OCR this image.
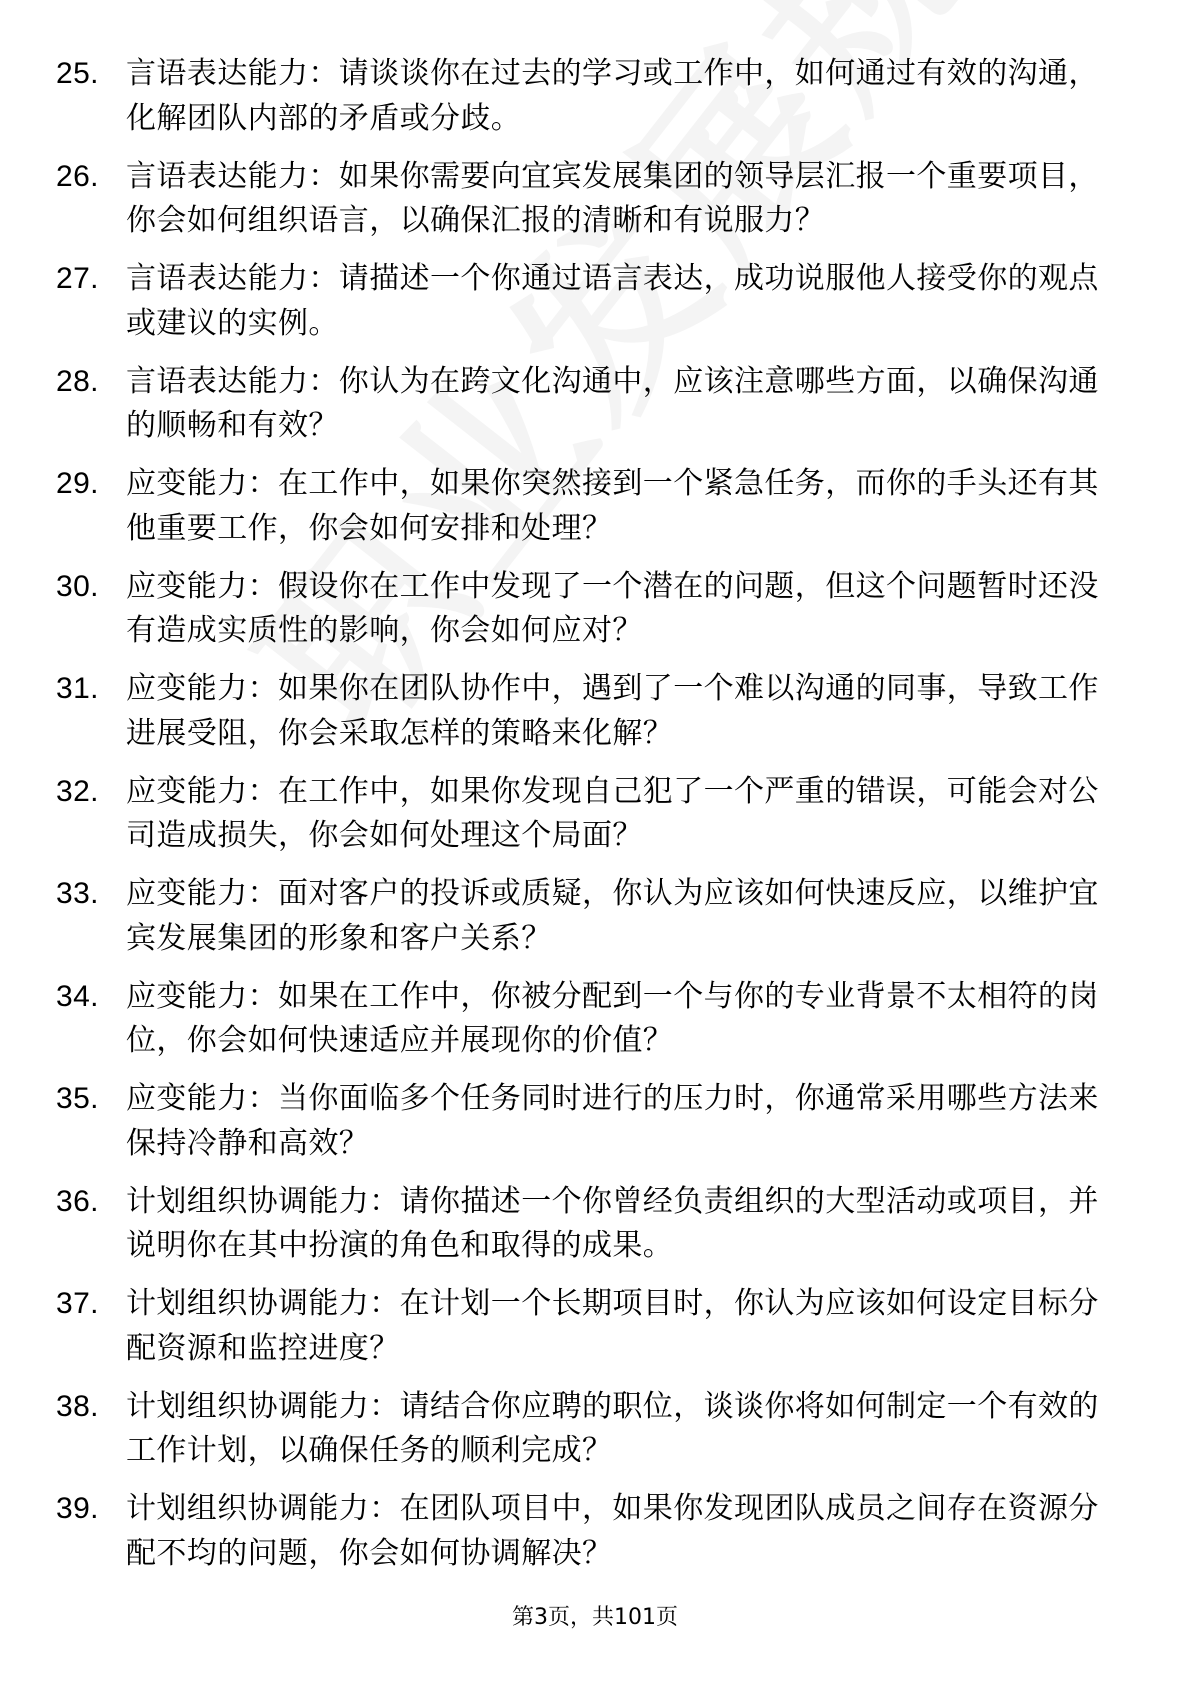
25. 言语表达能力：请谈谈你在过去的学习或工作中，如何通过有效的沟通，化解团队内部的矛盾或分歧。
26. 言语表达能力：如果你需要向宜宾发展集团的领导层汇报一个重要项目，你会如何组织语言，以确保汇报的清晰和有说服力？
27. 言语表达能力：请描述一个你通过语言表达，成功说服他人接受你的观点或建议的实例。
28. 言语表达能力：你认为在跨文化沟通中，应该注意哪些方面，以确保沟通的顺畅和有效？
29. 应变能力：在工作中，如果你突然接到一个紧急任务，而你的手头还有其他重要工作，你会如何安排和处理？
30. 应变能力：假设你在工作中发现了一个潜在的问题，但这个问题暂时还没有造成实质性的影响，你会如何应对？
31. 应变能力：如果你在团队协作中，遇到了一个难以沟通的同事，导致工作进展受阻，你会采取怎样的策略来化解？
32. 应变能力：在工作中，如果你发现自己犯了一个严重的错误，可能会对公司造成损失，你会如何处理这个局面？
33. 应变能力：面对客户的投诉或质疑，你认为应该如何快速反应，以维护宜宾发展集团的形象和客户关系？
34. 应变能力：如果在工作中，你被分配到一个与你的专业背景不太相符的岗位，你会如何快速适应并展现你的价值？
35. 应变能力：当你面临多个任务同时进行的压力时，你通常采用哪些方法来保持冷静和高效？
36. 计划组织协调能力：请你描述一个你曾经负责组织的大型活动或项目，并说明你在其中扮演的角色和取得的成果。
37. 计划组织协调能力：在计划一个长期项目时，你认为应该如何设定目标分配资源和监控进度？
38. 计划组织协调能力：请结合你应聘的职位，谈谈你将如何制定一个有效的工作计划，以确保任务的顺利完成？
39. 计划组织协调能力：在团队项目中，如果你发现团队成员之间存在资源分配不均的问题，你会如何协调解决？
第3页，共101页
